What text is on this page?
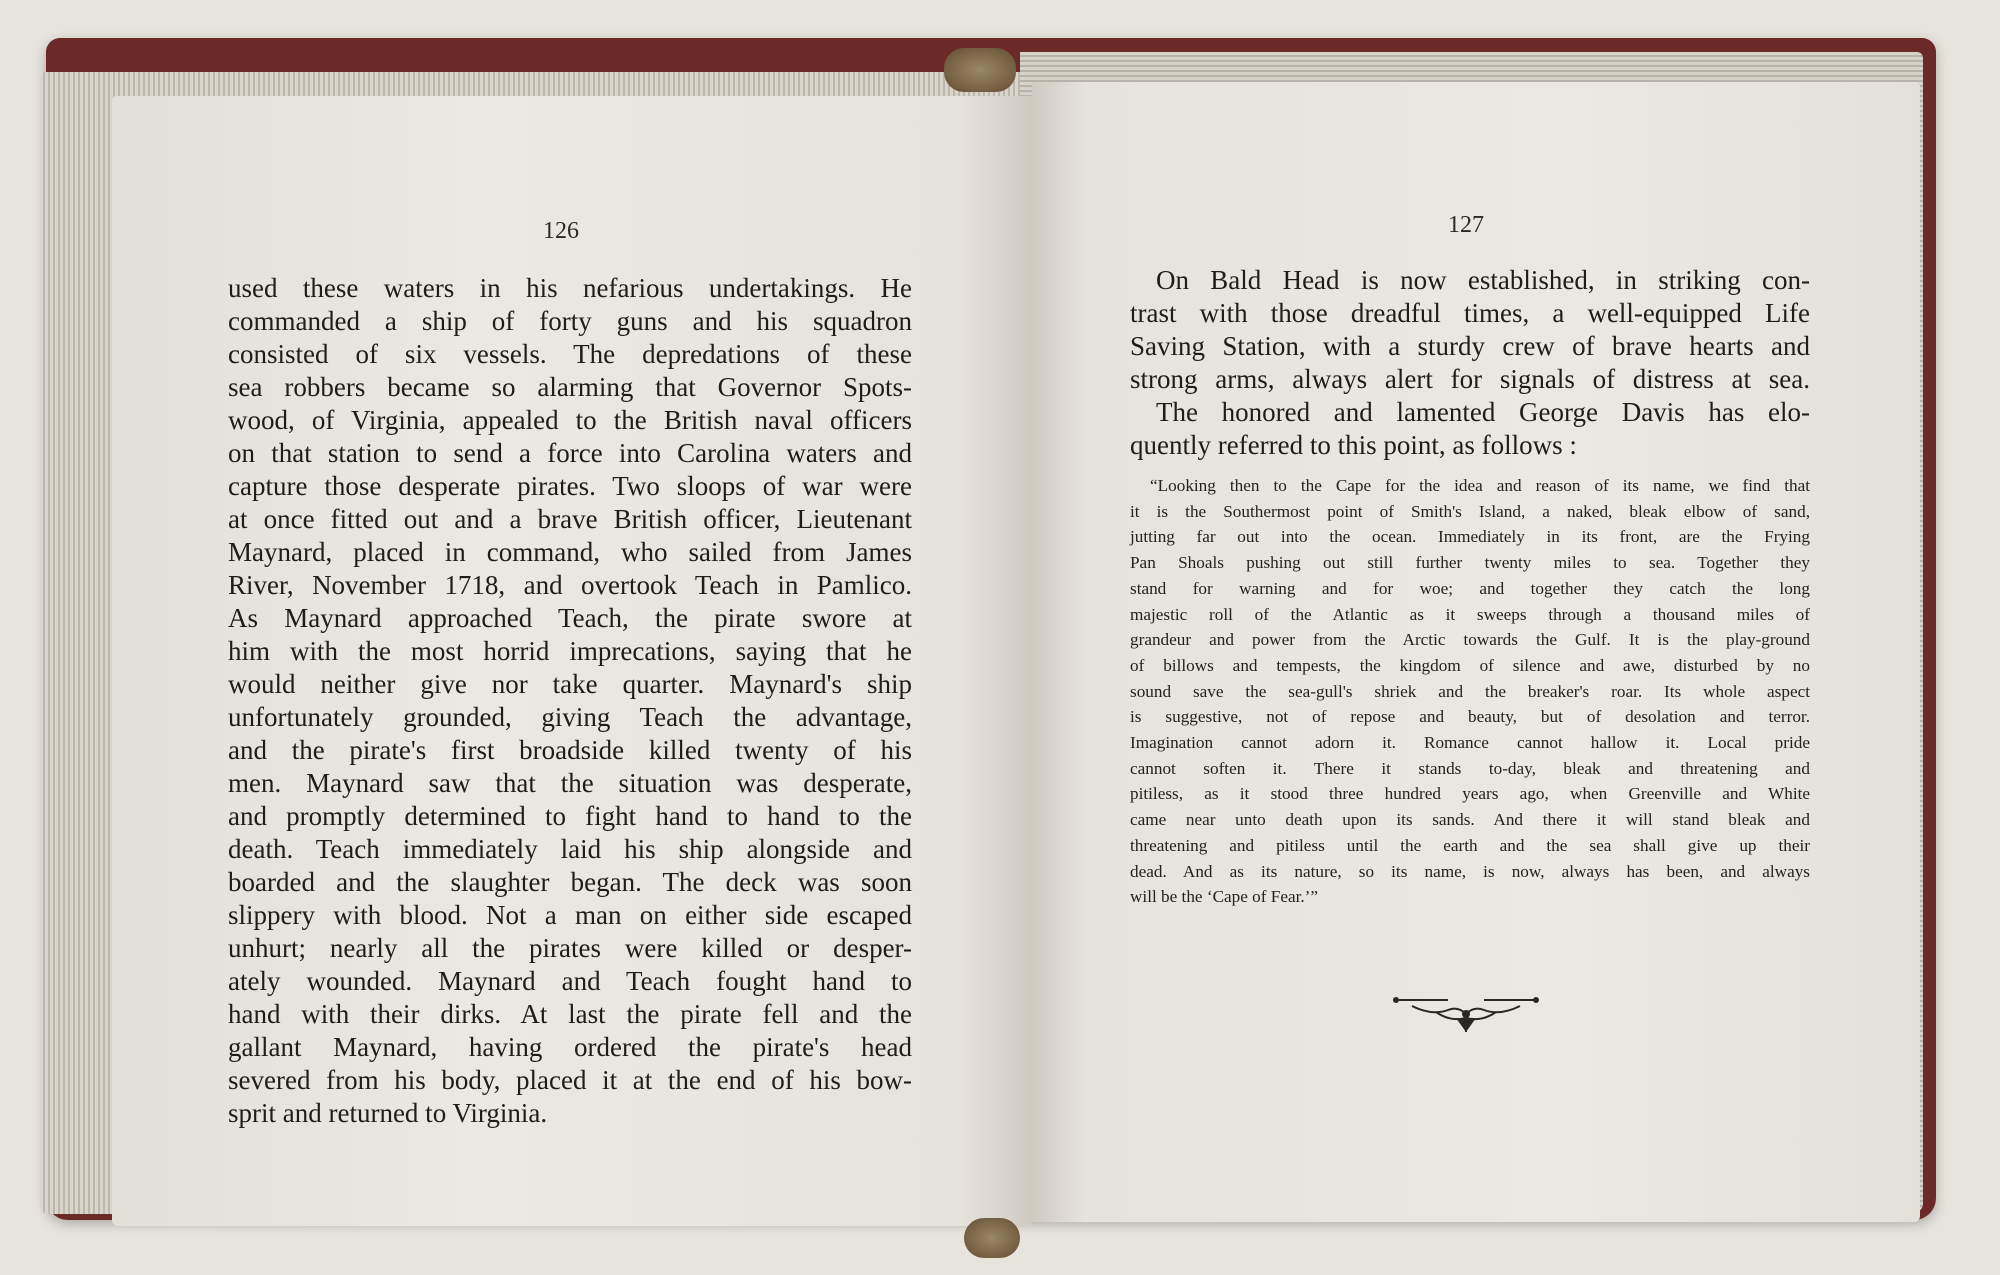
126

used these waters in his nefarious undertakings. He

commanded a ship of forty guns and his squadron

consisted of six vessels. The depredations of these

sea robbers became so alarming that Governor Spots-

wood, of Virginia, appealed to the British naval officers

on that station to send a force into Carolina waters and

capture those desperate pirates. Two sloops of war were

at once fitted out and a brave British officer, Lieutenant

Maynard, placed in command, who sailed from James

River, November 1718, and overtook Teach in Pamlico.

As Maynard approached Teach, the pirate swore at

him with the most horrid imprecations, saying that he

would neither give nor take quarter. Maynard's ship

unfortunately grounded, giving Teach the advantage,

and the pirate's first broadside killed twenty of his

men. Maynard saw that the situation was desperate,

and promptly determined to fight hand to hand to the

death. Teach immediately laid his ship alongside and

boarded and the slaughter began. The deck was soon

slippery with blood. Not a man on either side escaped

unhurt; nearly all the pirates were killed or desper-

ately wounded. Maynard and Teach fought hand to

hand with their dirks. At last the pirate fell and the

gallant Maynard, having ordered the pirate's head

severed from his body, placed it at the end of his bow-

sprit and returned to Virginia.

127

On Bald Head is now established, in striking con-

trast with those dreadful times, a well-equipped Life

Saving Station, with a sturdy crew of brave hearts and

strong arms, always alert for signals of distress at sea.

The honored and lamented George Davis has elo-

quently referred to this point, as follows :

“Looking then to the Cape for the idea and reason of its name, we find that

it is the Southermost point of Smith's Island, a naked, bleak elbow of sand,

jutting far out into the ocean. Immediately in its front, are the Frying

Pan Shoals pushing out still further twenty miles to sea. Together they

stand for warning and for woe; and together they catch the long

majestic roll of the Atlantic as it sweeps through a thousand miles of

grandeur and power from the Arctic towards the Gulf. It is the play-ground

of billows and tempests, the kingdom of silence and awe, disturbed by no

sound save the sea-gull's shriek and the breaker's roar. Its whole aspect

is suggestive, not of repose and beauty, but of desolation and terror.

Imagination cannot adorn it. Romance cannot hallow it. Local pride

cannot soften it. There it stands to-day, bleak and threatening and

pitiless, as it stood three hundred years ago, when Greenville and White

came near unto death upon its sands. And there it will stand bleak and

threatening and pitiless until the earth and the sea shall give up their

dead. And as its nature, so its name, is now, always has been, and always

will be the ‘Cape of Fear.’”
